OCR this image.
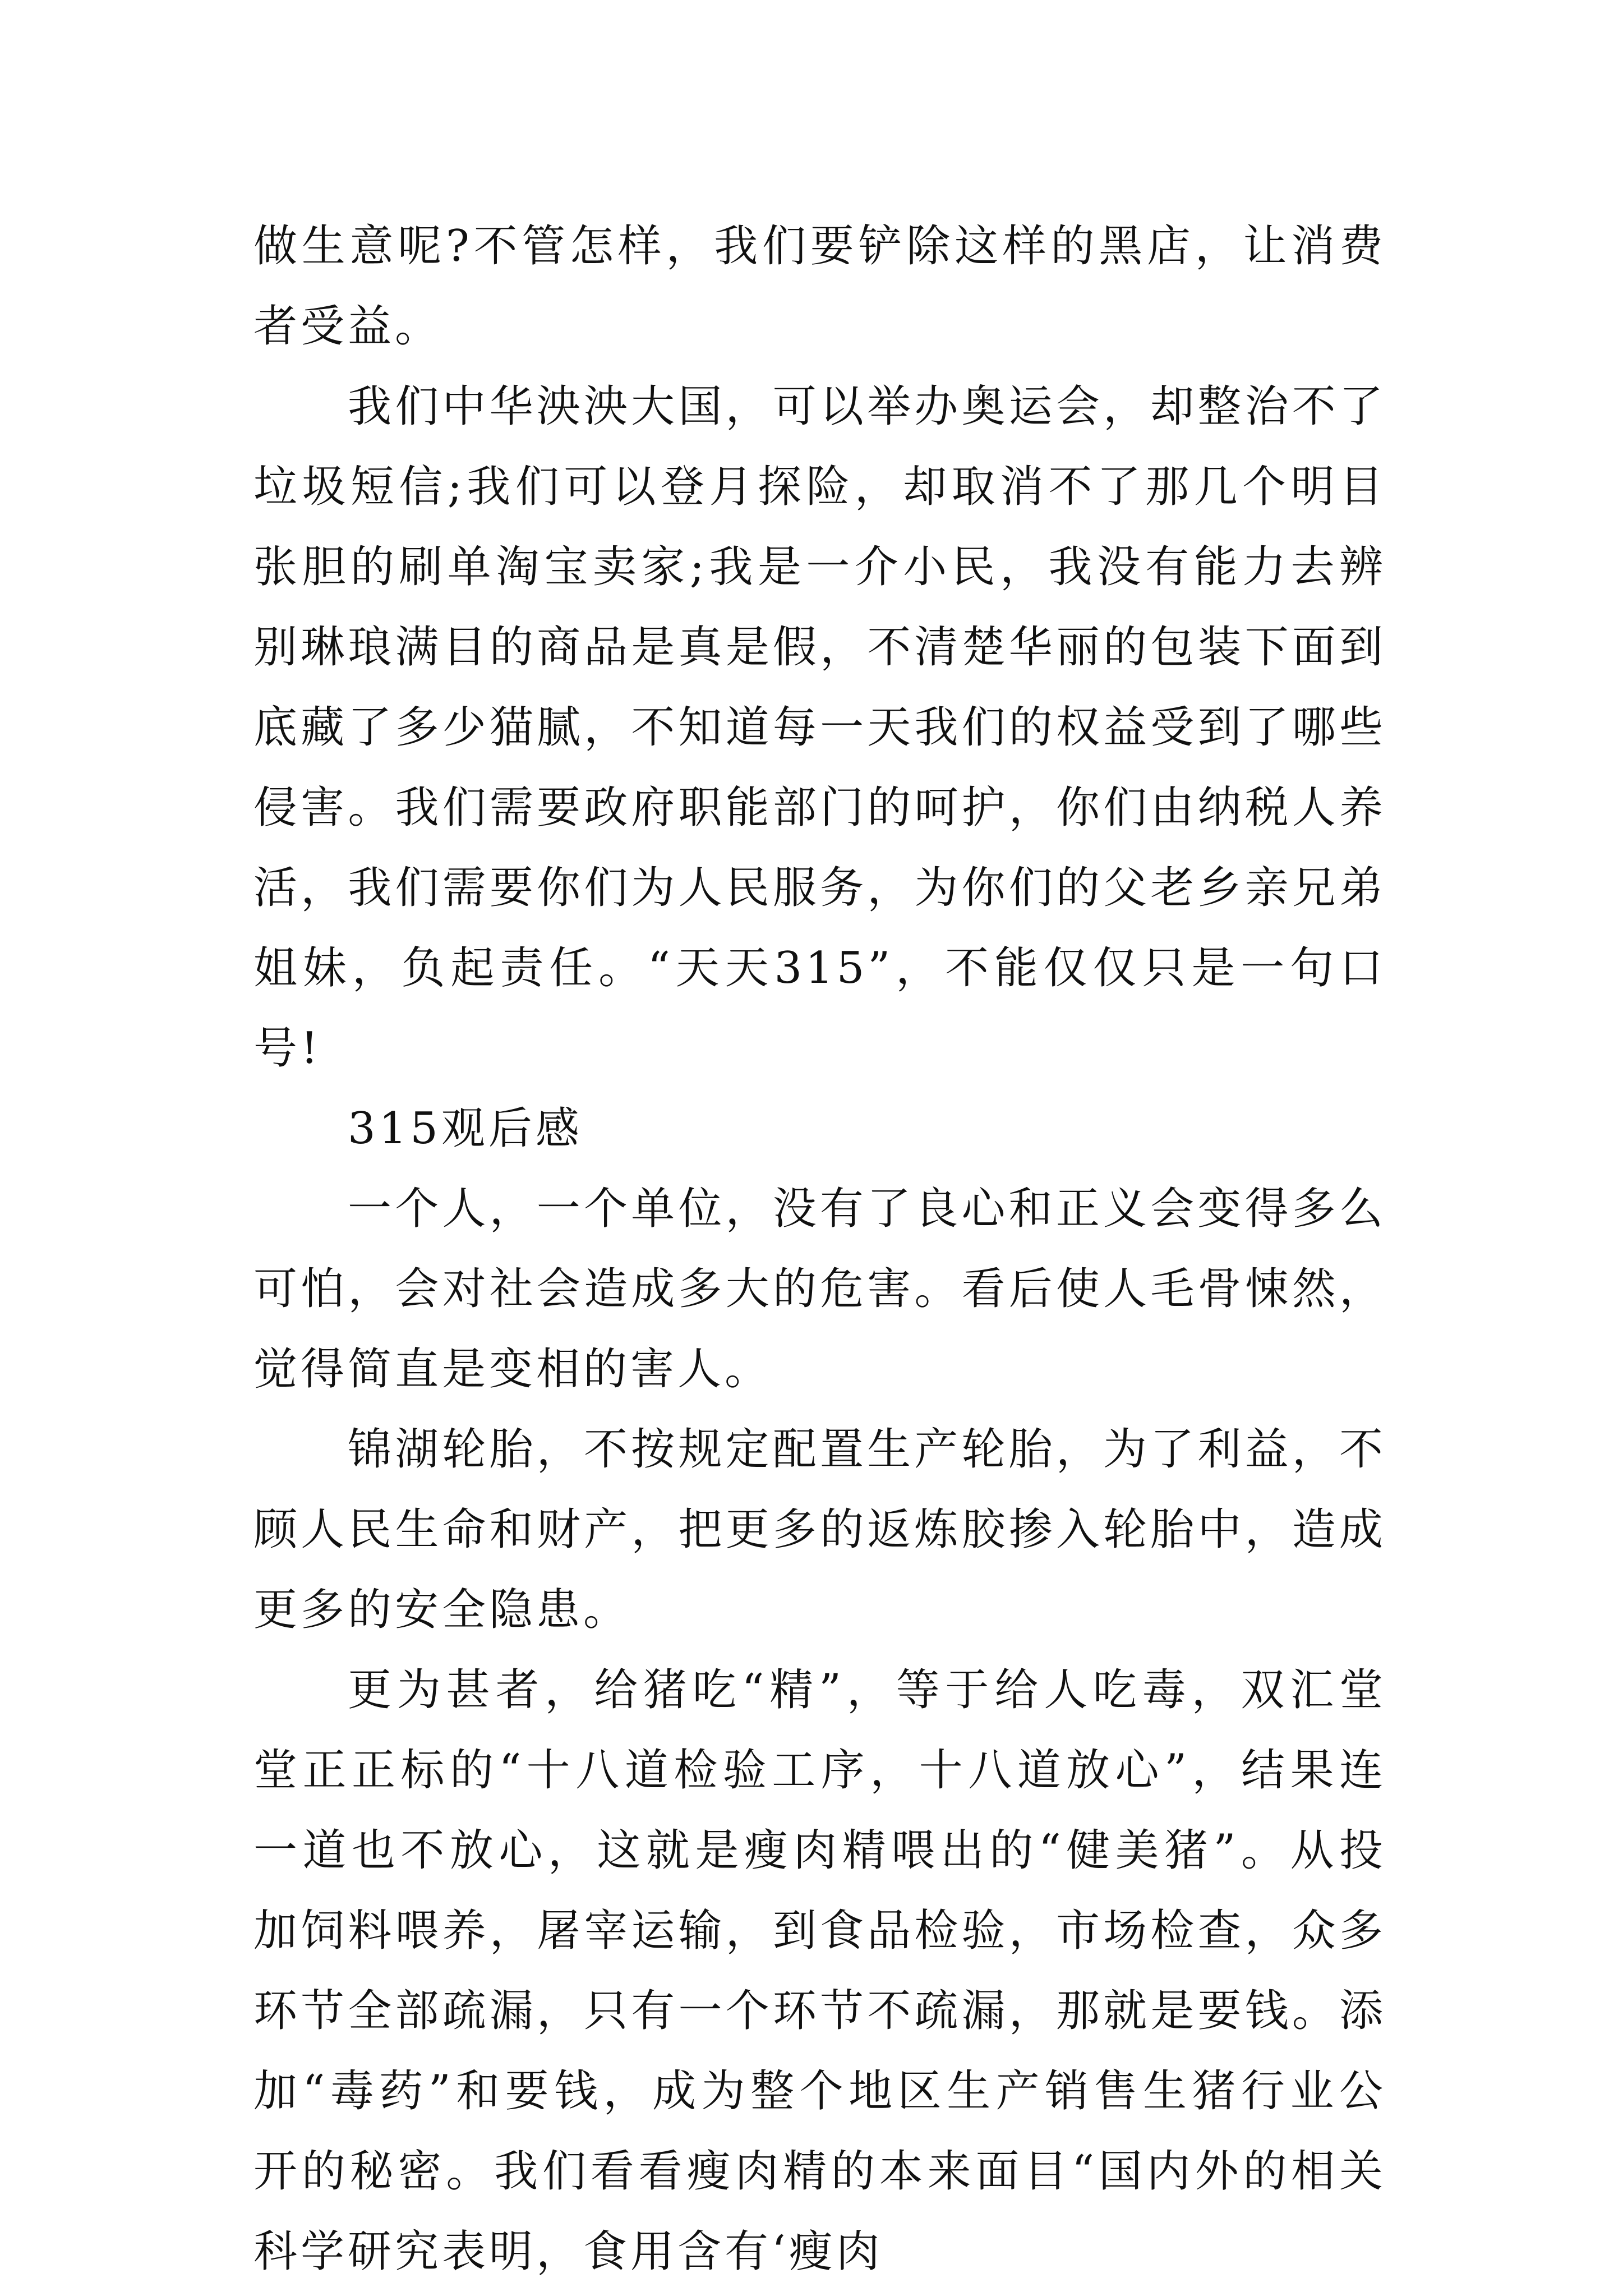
做生意呢?不管怎样，我们要铲除这样的黑店，让消费者受益。

我们中华泱泱大国，可以举办奥运会，却整治不了垃圾短信;我们可以登月探险，却取消不了那几个明目张胆的刷单淘宝卖家;我是一介小民，我没有能力去辨别琳琅满目的商品是真是假，不清楚华丽的包装下面到底藏了多少猫腻，不知道每一天我们的权益受到了哪些侵害。我们需要政府职能部门的呵护，你们由纳税人养活，我们需要你们为人民服务，为你们的父老乡亲兄弟姐妹，负起责任。“天天315”，不能仅仅只是一句口号!

315观后感

一个人，一个单位，没有了良心和正义会变得多么可怕，会对社会造成多大的危害。看后使人毛骨悚然，觉得简直是变相的害人。

锦湖轮胎，不按规定配置生产轮胎，为了利益，不顾人民生命和财产，把更多的返炼胶掺入轮胎中，造成更多的安全隐患。

更为甚者，给猪吃“精”，等于给人吃毒，双汇堂堂正正标的“十八道检验工序，十八道放心”，结果连一道也不放心，这就是瘦肉精喂出的“健美猪”。从投加饲料喂养，屠宰运输，到食品检验，市场检查，众多环节全部疏漏，只有一个环节不疏漏，那就是要钱。添加“毒药”和要钱，成为整个地区生产销售生猪行业公开的秘密。我们看看瘦肉精的本来面目“国内外的相关科学研究表明，食用含有‘瘦肉
